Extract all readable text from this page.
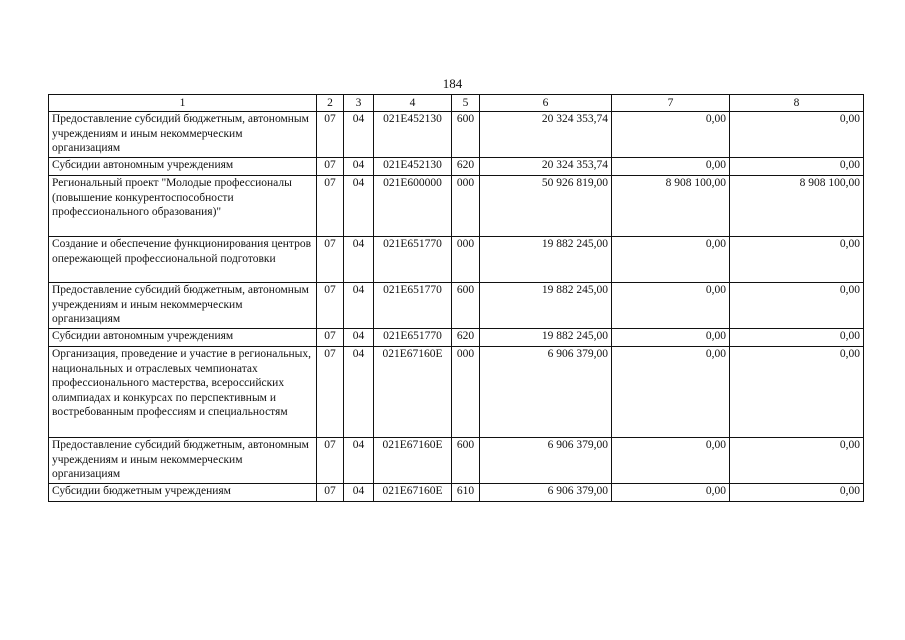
184
1	2	3	4	5	6	7	8
Предоставление субсидий бюджетным, автономным учреждениям и иным некоммерческим организациям	07	04	021E452130	600	20 324 353,74	0,00	0,00
Субсидии автономным учреждениям	07	04	021E452130	620	20 324 353,74	0,00	0,00
Региональный проект "Молодые профессионалы (повышение конкурентоспособности профессионального образования)"	07	04	021E600000	000	50 926 819,00	8 908 100,00	8 908 100,00
Создание и обеспечение функционирования центров опережающей профессиональной подготовки	07	04	021E651770	000	19 882 245,00	0,00	0,00
Предоставление субсидий бюджетным, автономным учреждениям и иным некоммерческим организациям	07	04	021E651770	600	19 882 245,00	0,00	0,00
Субсидии автономным учреждениям	07	04	021E651770	620	19 882 245,00	0,00	0,00
Организация, проведение и участие в региональных, национальных и отраслевых чемпионатах профессионального мастерства, всероссийских олимпиадах и конкурсах по перспективным и востребованным профессиям и специальностям	07	04	021E67160E	000	6 906 379,00	0,00	0,00
Предоставление субсидий бюджетным, автономным учреждениям и иным некоммерческим организациям	07	04	021E67160E	600	6 906 379,00	0,00	0,00
Субсидии бюджетным учреждениям	07	04	021E67160E	610	6 906 379,00	0,00	0,00
